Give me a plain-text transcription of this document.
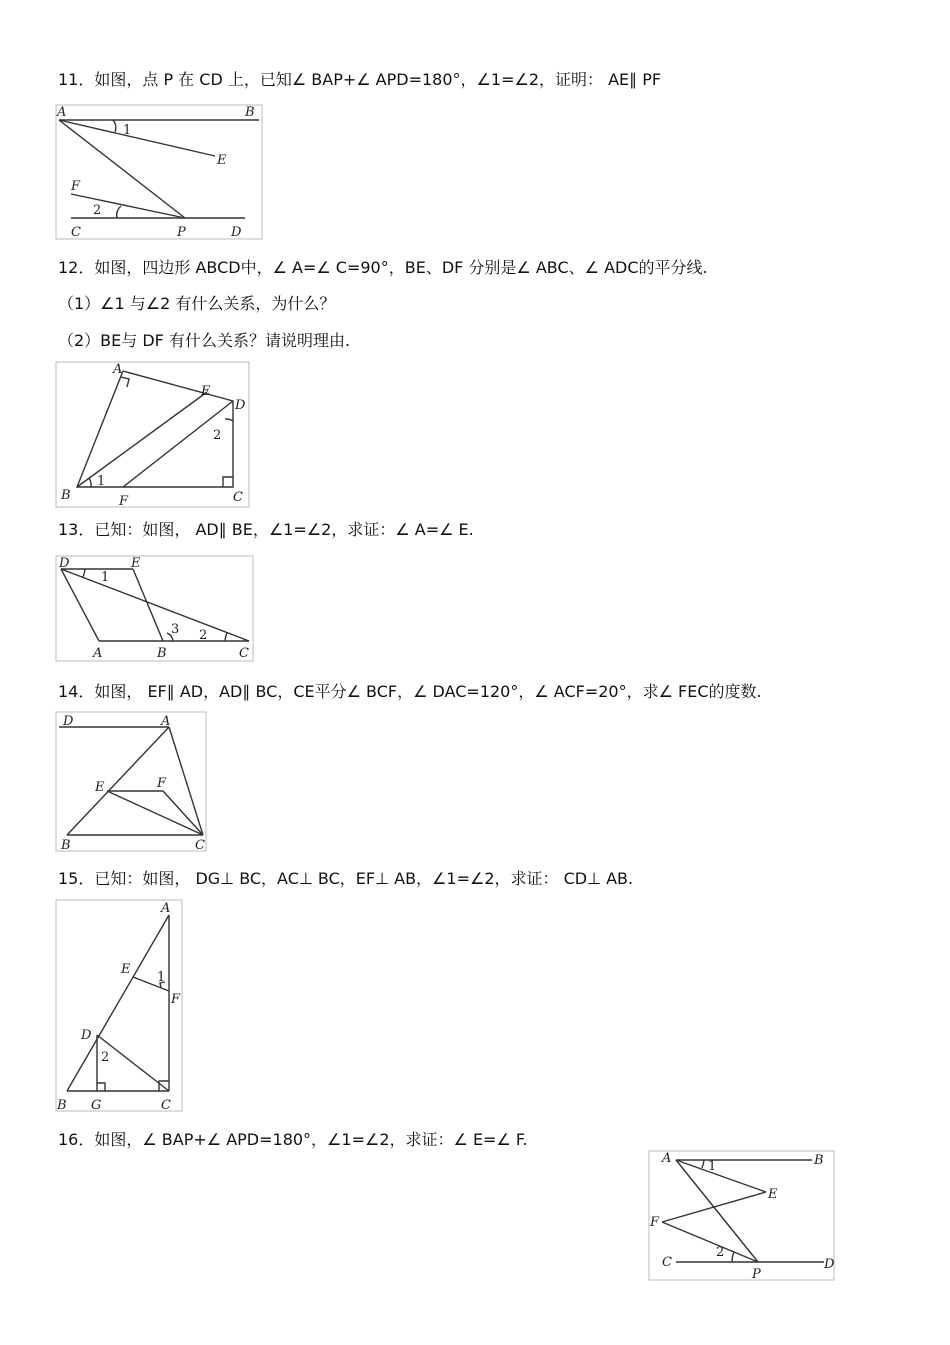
11．如图，点 P 在 CD 上，已知∠ BAP+∠ APD=180°，∠1=∠2，证明： AE∥ PF
A	B
E
F
C	P	D
1
2
12．如图，四边形 ABCD中，∠ A=∠ C=90°，BE、DF 分别是∠ ABC、∠ ADC的平分线.
（1）∠1 与∠2 有什么关系，为什么？
（2）BE与 DF 有什么关系？请说明理由.
A
E
D
B	F	C
1
2
13．已知：如图， AD∥ BE，∠1=∠2，求证：∠ A=∠ E.
D	E
A	B	C
1
2
3
14．如图， EF∥ AD，AD∥ BC，CE平分∠ BCF，∠ DAC=120°，∠ ACF=20°，求∠ FEC的度数.
D	A
E	F
B	C
15．已知：如图， DG⊥ BC，AC⊥ BC，EF⊥ AB，∠1=∠2，求证： CD⊥ AB.
A
E
F
D
B G	C
1
2
16．如图，∠ BAP+∠ APD=180°，∠1=∠2，求证：∠ E=∠ F.
A	B
E
F
C
P
D
1
2
